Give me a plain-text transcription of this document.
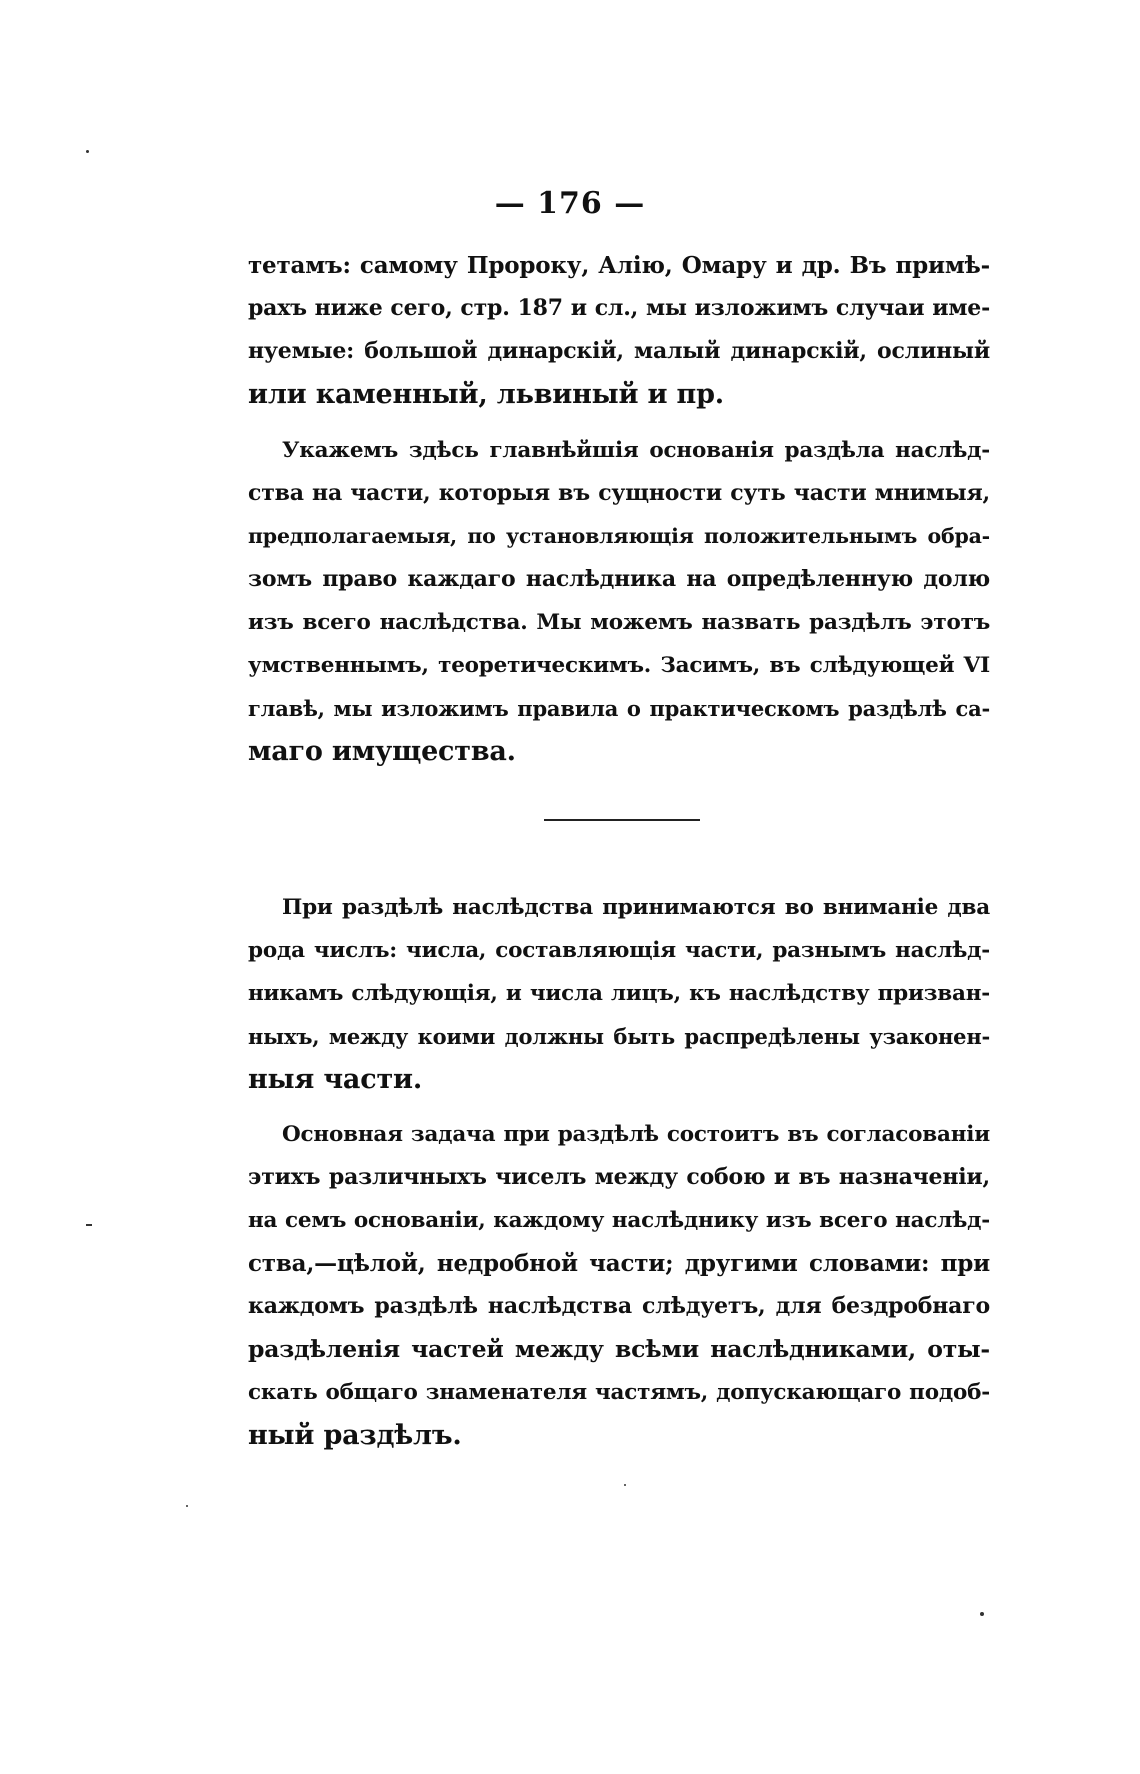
— 176 —

тетамъ: самому Пророку, Алію, Омару и др. Въ примѣ-
рахъ ниже сего, стр. 187 и сл., мы изложимъ случаи име-
нуемые: большой динарскій, малый динарскій, ослиный
или каменный, львиный и пр.

Укажемъ здѣсь главнѣйшія основанія раздѣла наслѣд-
ства на части, которыя въ сущности суть части мнимыя,
предполагаемыя, по установляющія положительнымъ обра-
зомъ право каждаго наслѣдника на опредѣленную долю
изъ всего наслѣдства. Мы можемъ назвать раздѣлъ этотъ
умственнымъ, теоретическимъ. Засимъ, въ слѣдующей VI
главѣ, мы изложимъ правила о практическомъ раздѣлѣ са-
маго имущества.

При раздѣлѣ наслѣдства принимаются во вниманіе два
рода числъ: числа, составляющія части, разнымъ наслѣд-
никамъ слѣдующія, и числа лицъ, къ наслѣдству призван-
ныхъ, между коими должны быть распредѣлены узаконен-
ныя части.

Основная задача при раздѣлѣ состоитъ въ согласованіи
этихъ различныхъ чиселъ между собою и въ назначеніи,
на семъ основаніи, каждому наслѣднику изъ всего наслѣд-
ства,—цѣлой, недробной части; другими словами: при
каждомъ раздѣлѣ наслѣдства слѣдуетъ, для бездробнаго
раздѣленія частей между всѣми наслѣдниками, оты-
скать общаго знаменателя частямъ, допускающаго подоб-
ный раздѣлъ.
